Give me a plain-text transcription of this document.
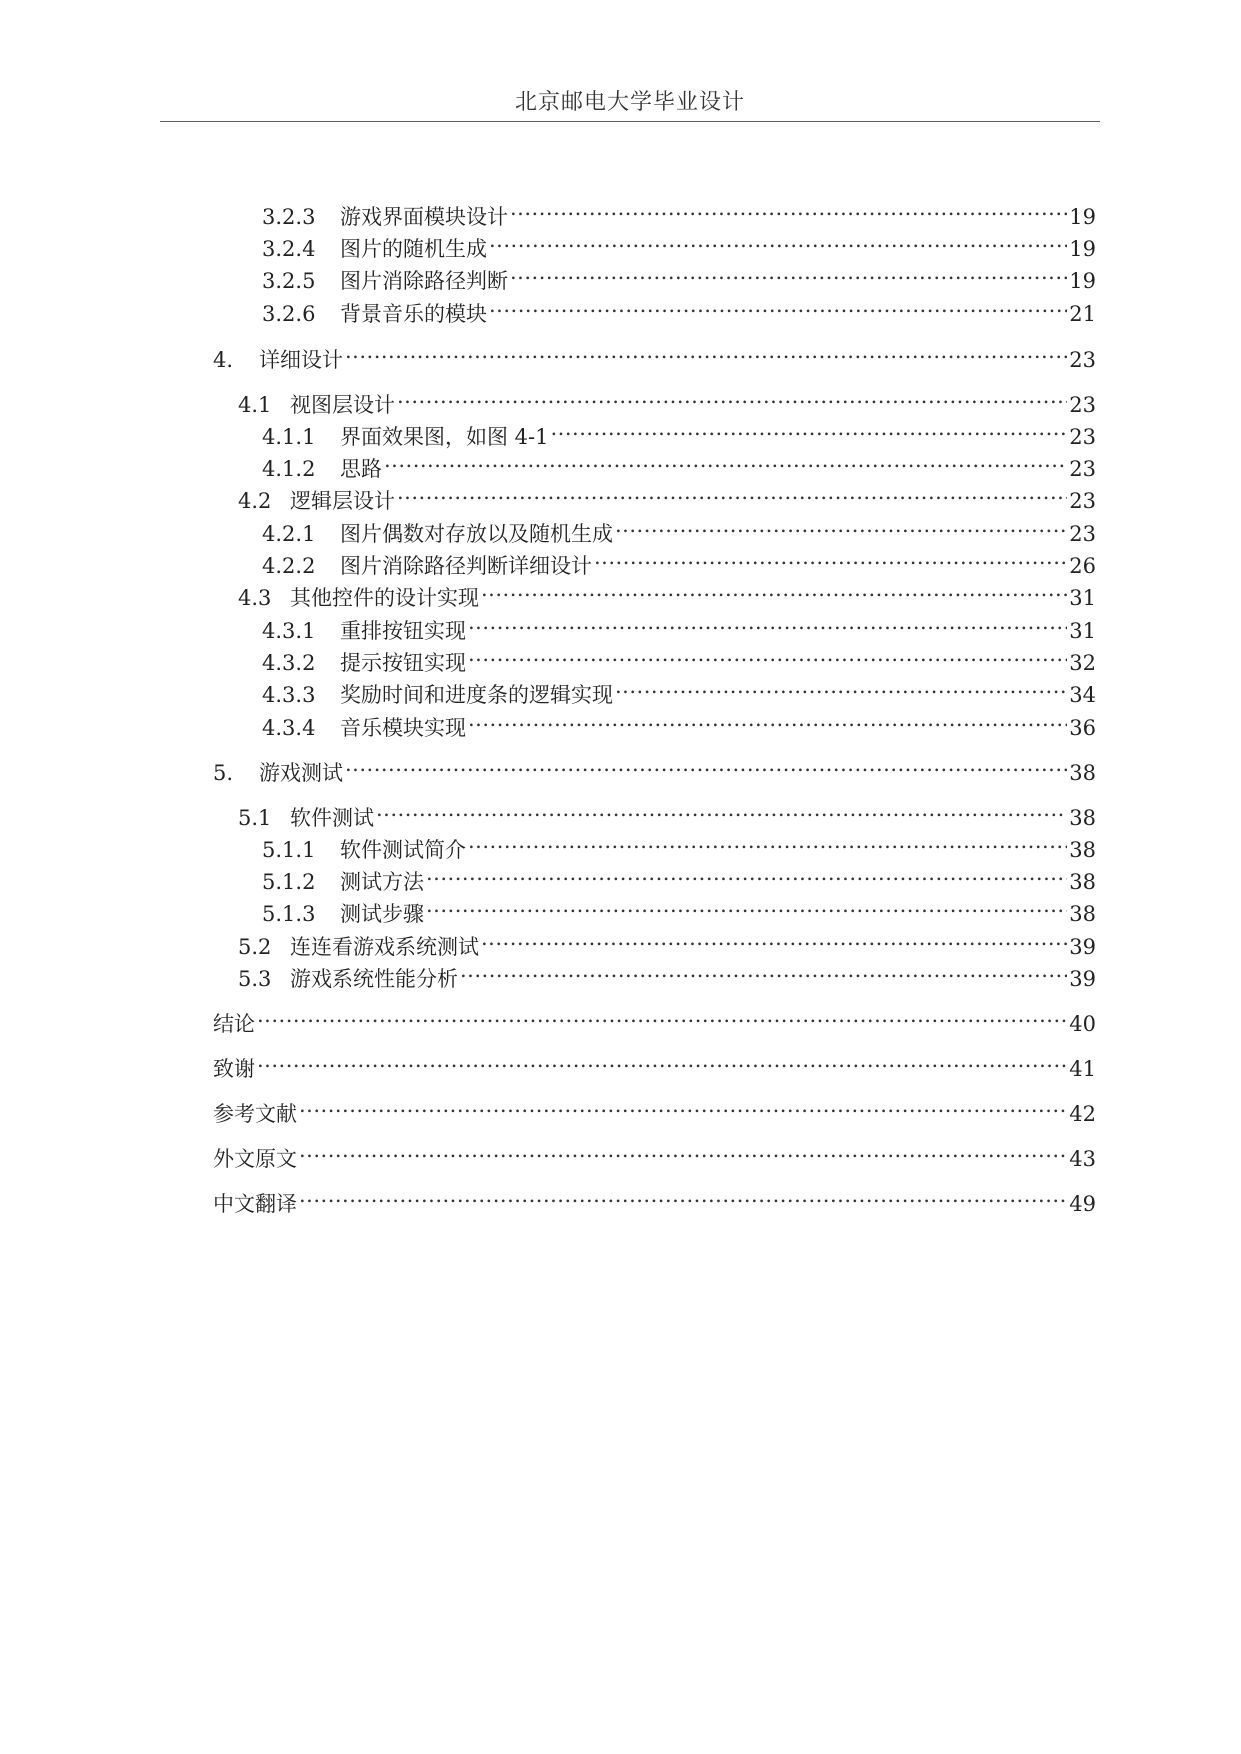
北京邮电大学毕业设计
3.2.3	游戏界面模块设计 .....	19
3.2.4	图片的随机生成 .....	19
3.2.5	图片消除路径判断 .....	19
3.2.6	背景音乐的模块 .....	21
4.	详细设计 .....	23
4.1 视图层设计 .....	23
4.1.1	界面效果图，如图 4-1 .....	23
4.1.2	思路 .....	23
4.2 逻辑层设计 .....	23
4.2.1	图片偶数对存放以及随机生成 .....	23
4.2.2	图片消除路径判断详细设计 .....	26
4.3 其他控件的设计实现 .....	31
4.3.1	重排按钮实现 .....	31
4.3.2	提示按钮实现 .....	32
4.3.3	奖励时间和进度条的逻辑实现 .....	34
4.3.4	音乐模块实现 .....	36
5.	游戏测试 .....	38
5.1 软件测试 .....	38
5.1.1	软件测试简介 .....	38
5.1.2	测试方法 .....	38
5.1.3	测试步骤 .....	38
5.2 连连看游戏系统测试 .....	39
5.3 游戏系统性能分析 .....	39
结论 .....	40
致谢 .....	41
参考文献 .....	42
外文原文 .....	43
中文翻译 .....	49
